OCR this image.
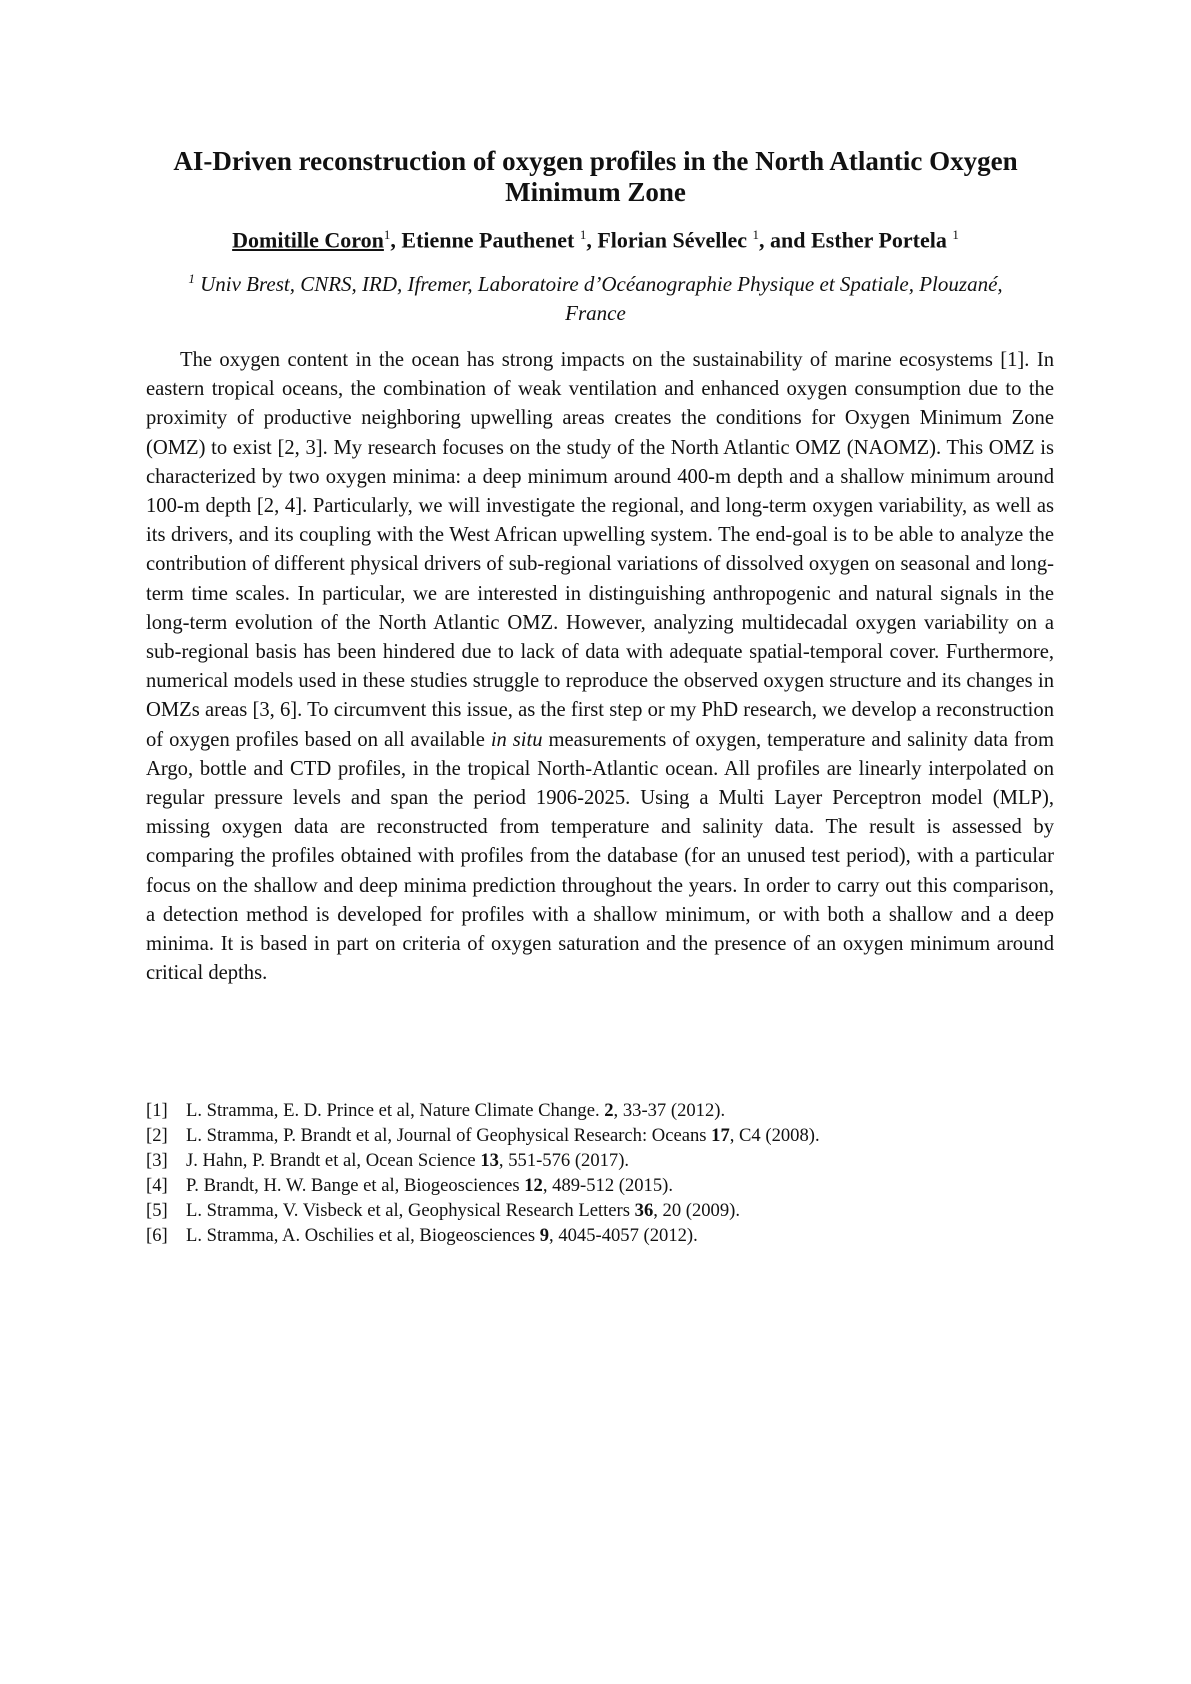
AI-Driven reconstruction of oxygen profiles in the North Atlantic Oxygen Minimum Zone
Domitille Coron$^1$, Etienne Pauthenet $^1$, Florian Sévellec $^1$, and Esther Portela $^1$
$^1$ Univ Brest, CNRS, IRD, Ifremer, Laboratoire d’Océanographie Physique et Spatiale, Plouzané, France

The oxygen content in the ocean has strong impacts on the sustainability of marine ecosystems [1]. In eastern tropical oceans, the combination of weak ventilation and enhanced oxygen consumption due to the proximity of productive neighboring upwelling areas creates the conditions for Oxygen Minimum Zone (OMZ) to exist [2, 3]. My research focuses on the study of the North Atlantic OMZ (NAOMZ). This OMZ is characterized by two oxygen minima: a deep minimum around 400-m depth and a shallow minimum around 100-m depth [2, 4]. Particularly, we will investigate the regional, and long-term oxygen variability, as well as its drivers, and its coupling with the West African upwelling system. The end-goal is to be able to analyze the contribution of different physical drivers of sub-regional variations of dissolved oxygen on seasonal and long-term time scales. In particular, we are interested in distinguishing anthropogenic and natural signals in the long-term evolution of the North Atlantic OMZ. However, analyzing multidecadal oxygen variability on a sub-regional basis has been hindered due to lack of data with adequate spatial-temporal cover. Furthermore, numerical models used in these studies struggle to reproduce the observed oxygen structure and its changes in OMZs areas [3, 6]. To circumvent this issue, as the first step or my PhD research, we develop a reconstruction of oxygen profiles based on all available in situ measurements of oxygen, temperature and salinity data from Argo, bottle and CTD profiles, in the tropical North-Atlantic ocean. All profiles are linearly interpolated on regular pressure levels and span the period 1906-2025. Using a Multi Layer Perceptron model (MLP), missing oxygen data are reconstructed from temperature and salinity data. The result is assessed by comparing the profiles obtained with profiles from the database (for an unused test period), with a particular focus on the shallow and deep minima prediction throughout the years. In order to carry out this comparison, a detection method is developed for profiles with a shallow minimum, or with both a shallow and a deep minima. It is based in part on criteria of oxygen saturation and the presence of an oxygen minimum around critical depths.

[1] L. Stramma, E. D. Prince et al, Nature Climate Change. 2, 33-37 (2012).
[2] L. Stramma, P. Brandt et al, Journal of Geophysical Research: Oceans 17, C4 (2008).
[3] J. Hahn, P. Brandt et al, Ocean Science 13, 551-576 (2017).
[4] P. Brandt, H. W. Bange et al, Biogeosciences 12, 489-512 (2015).
[5] L. Stramma, V. Visbeck et al, Geophysical Research Letters 36, 20 (2009).
[6] L. Stramma, A. Oschilies et al, Biogeosciences 9, 4045-4057 (2012).
